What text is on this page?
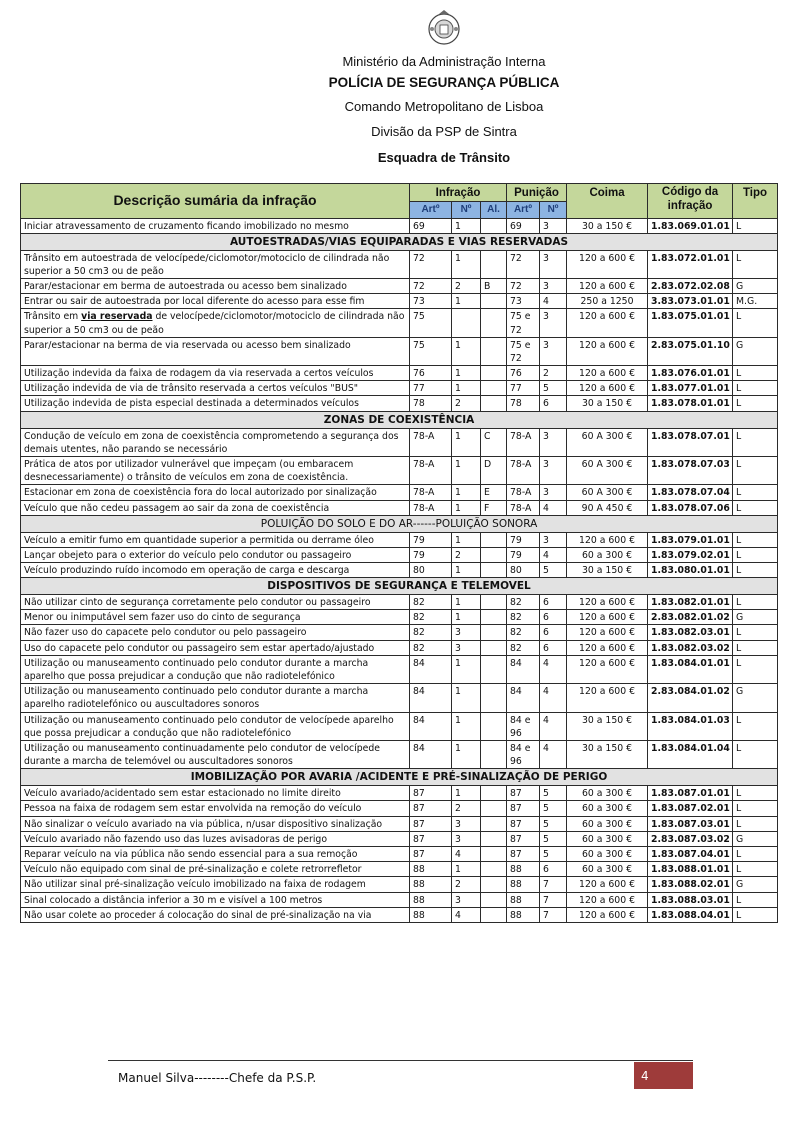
Ministério da Administração Interna
POLÍCIA DE SEGURANÇA PÚBLICA
Comando Metropolitano de Lisboa
Divisão da PSP de Sintra
Esquadra de Trânsito
Descrição sumária da infração	Infração			Punição		Coima	Código da infração	Tipo
	Artº	Nº	Al.	Artº	Nº			
Iniciar atravessamento de cruzamento ficando imobilizado no mesmo	69	1		69	3	30 a 150 €	1.83.069.01.01	L
AUTOESTRADAS/VIAS EQUIPARADAS E VIAS RESERVADAS								
Trânsito em autoestrada de velocípede/ciclomotor/motociclo de cilindrada não superior a 50 cm3 ou de peão	72	1		72	3	120 a 600 €	1.83.072.01.01	L
Parar/estacionar em berma de autoestrada ou acesso bem sinalizado	72	2	B	72	3	120 a 600 €	2.83.072.02.08	G
Entrar ou sair de autoestrada por local diferente do acesso para esse fim	73	1		73	4	250 a 1250	3.83.073.01.01	M.G.
Trânsito em via reservada de velocípede/ciclomotor/motociclo de cilindrada não superior a 50 cm3 ou de peão	75			75 e 72	3	120 a 600 €	1.83.075.01.01	L
Parar/estacionar na berma de via reservada ou acesso bem sinalizado	75	1		75 e 72	3	120 a 600 €	2.83.075.01.10	G
Utilização indevida da faixa de rodagem da via reservada a certos veículos	76	1		76	2	120 a 600 €	1.83.076.01.01	L
Utilização indevida de via de trânsito reservada a certos veículos "BUS"	77	1		77	5	120 a 600 €	1.83.077.01.01	L
Utilização indevida de pista especial destinada a determinados veículos	78	2		78	6	30 a 150 €	1.83.078.01.01	L
ZONAS DE COEXISTÊNCIA								
Condução de veículo em zona de coexistência comprometendo a segurança dos demais utentes, não parando se necessário	78-A	1	C	78-A	3	60 A 300 €	1.83.078.07.01	L
Prática de atos por utilizador vulnerável que impeçam (ou embaracem desnecessariamente) o trânsito de veículos em zona de coexistência.	78-A	1	D	78-A	3	60 A 300 €	1.83.078.07.03	L
Estacionar em zona de coexistência fora do local autorizado por sinalização	78-A	1	E	78-A	3	60 A 300 €	1.83.078.07.04	L
Veículo que não cedeu passagem ao sair da zona de coexistência	78-A	1	F	78-A	4	90 A 450 €	1.83.078.07.06	L
POLUIÇÃO DO SOLO E DO AR------POLUIÇÃO SONORA								
Veículo a emitir fumo em quantidade superior a permitida ou derrame óleo	79	1		79	3	120 a 600 €	1.83.079.01.01	L
Lançar obejeto para o exterior do veículo pelo condutor ou passageiro	79	2		79	4	60 a 300 €	1.83.079.02.01	L
Veículo produzindo ruído incomodo em operação de carga e descarga	80	1		80	5	30 a 150 €	1.83.080.01.01	L
DISPOSITIVOS DE SEGURANÇA E TELEMOVEL								
Não utilizar cinto de segurança corretamente pelo condutor ou passageiro	82	1		82	6	120 a 600 €	1.83.082.01.01	L
Menor ou inimputável sem fazer uso do cinto de segurança	82	1		82	6	120 a 600 €	2.83.082.01.02	G
Não fazer uso do capacete pelo condutor ou pelo passageiro	82	3		82	6	120 a 600 €	1.83.082.03.01	L
Uso do capacete pelo condutor ou passageiro sem estar apertado/ajustado	82	3		82	6	120 a 600 €	1.83.082.03.02	L
Utilização ou manuseamento continuado pelo condutor durante a marcha aparelho que possa prejudicar a condução que não radiotelefónico	84	1		84	4	120 a 600 €	1.83.084.01.01	L
Utilização ou manuseamento continuado pelo condutor durante a marcha aparelho radiotelefónico ou auscultadores sonoros	84	1		84	4	120 a 600 €	2.83.084.01.02	G
Utilização ou manuseamento continuado pelo condutor de velocípede aparelho que possa prejudicar a condução que não radiotelefónico	84	1		84 e 96	4	30 a 150 €	1.83.084.01.03	L
Utilização ou manuseamento continuadamente pelo condutor de velocípede durante a marcha de telemóvel ou auscultadores sonoros	84	1		84 e 96	4	30 a 150 €	1.83.084.01.04	L
IMOBILIZAÇÃO POR AVARIA /ACIDENTE E PRÉ-SINALIZAÇÃO DE PERIGO								
Veículo avariado/acidentado sem estar estacionado no limite direito	87	1		87	5	60 a 300 €	1.83.087.01.01	L
Pessoa na faixa de rodagem sem estar envolvida na remoção do veículo	87	2		87	5	60 a 300 €	1.83.087.02.01	L
Não sinalizar o veículo avariado na via pública, n/usar dispositivo sinalização	87	3		87	5	60 a 300 €	1.83.087.03.01	L
Veículo avariado não fazendo uso das luzes avisadoras de perigo	87	3		87	5	60 a 300 €	2.83.087.03.02	G
Reparar veículo na via pública não sendo essencial para a sua remoção	87	4		87	5	60 a 300 €	1.83.087.04.01	L
Veículo não equipado com sinal de pré-sinalização e colete retrorrefletor	88	1		88	6	60 a 300 €	1.83.088.01.01	L
Não utilizar sinal pré-sinalização veículo imobilizado na faixa de rodagem	88	2		88	7	120 a 600 €	1.83.088.02.01	G
Sinal colocado a distância inferior a 30 m e visível a 100 metros	88	3		88	7	120 a 600 €	1.83.088.03.01	L
Não usar colete ao proceder á colocação do sinal de pré-sinalização na via	88	4		88	7	120 a 600 €	1.83.088.04.01	L
Manuel Silva--------Chefe da P.S.P.	4
